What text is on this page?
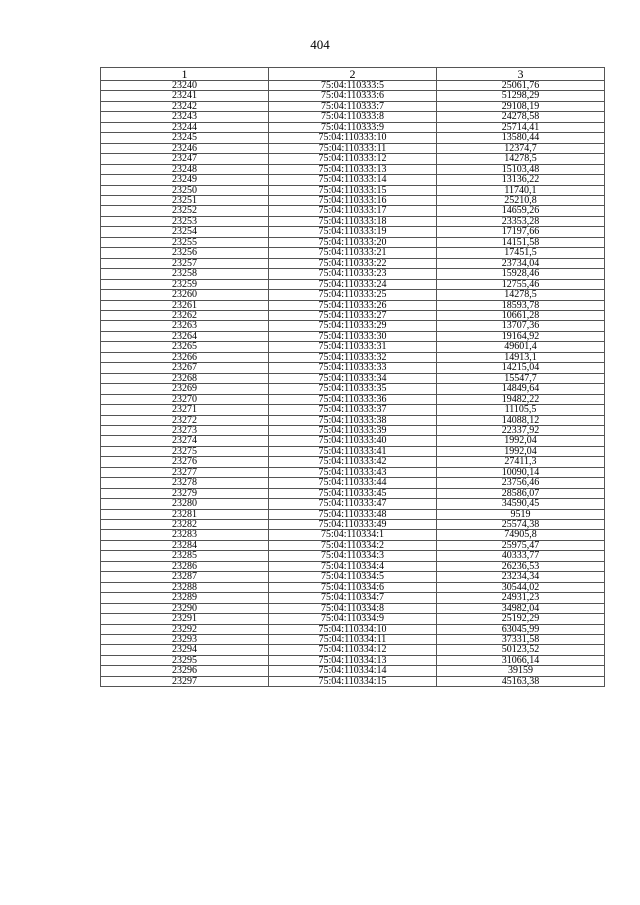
404
1	2	3
23240	75:04:110333:5	25061,76
23241	75:04:110333:6	51298,29
23242	75:04:110333:7	29108,19
23243	75:04:110333:8	24278,58
23244	75:04:110333:9	25714,41
23245	75:04:110333:10	13580,44
23246	75:04:110333:11	12374,7
23247	75:04:110333:12	14278,5
23248	75:04:110333:13	15103,48
23249	75:04:110333:14	13136,22
23250	75:04:110333:15	11740,1
23251	75:04:110333:16	25210,8
23252	75:04:110333:17	14659,26
23253	75:04:110333:18	23353,28
23254	75:04:110333:19	17197,66
23255	75:04:110333:20	14151,58
23256	75:04:110333:21	17451,5
23257	75:04:110333:22	23734,04
23258	75:04:110333:23	15928,46
23259	75:04:110333:24	12755,46
23260	75:04:110333:25	14278,5
23261	75:04:110333:26	18593,78
23262	75:04:110333:27	10661,28
23263	75:04:110333:29	13707,36
23264	75:04:110333:30	19164,92
23265	75:04:110333:31	49601,4
23266	75:04:110333:32	14913,1
23267	75:04:110333:33	14215,04
23268	75:04:110333:34	15547,7
23269	75:04:110333:35	14849,64
23270	75:04:110333:36	19482,22
23271	75:04:110333:37	11105,5
23272	75:04:110333:38	14088,12
23273	75:04:110333:39	22337,92
23274	75:04:110333:40	1992,04
23275	75:04:110333:41	1992,04
23276	75:04:110333:42	27411,3
23277	75:04:110333:43	10090,14
23278	75:04:110333:44	23756,46
23279	75:04:110333:45	28586,07
23280	75:04:110333:47	34590,45
23281	75:04:110333:48	9519
23282	75:04:110333:49	25574,38
23283	75:04:110334:1	74905,8
23284	75:04:110334:2	25975,47
23285	75:04:110334:3	40333,77
23286	75:04:110334:4	26236,53
23287	75:04:110334:5	23234,34
23288	75:04:110334:6	30544,02
23289	75:04:110334:7	24931,23
23290	75:04:110334:8	34982,04
23291	75:04:110334:9	25192,29
23292	75:04:110334:10	63045,99
23293	75:04:110334:11	37331,58
23294	75:04:110334:12	50123,52
23295	75:04:110334:13	31066,14
23296	75:04:110334:14	39159
23297	75:04:110334:15	45163,38
